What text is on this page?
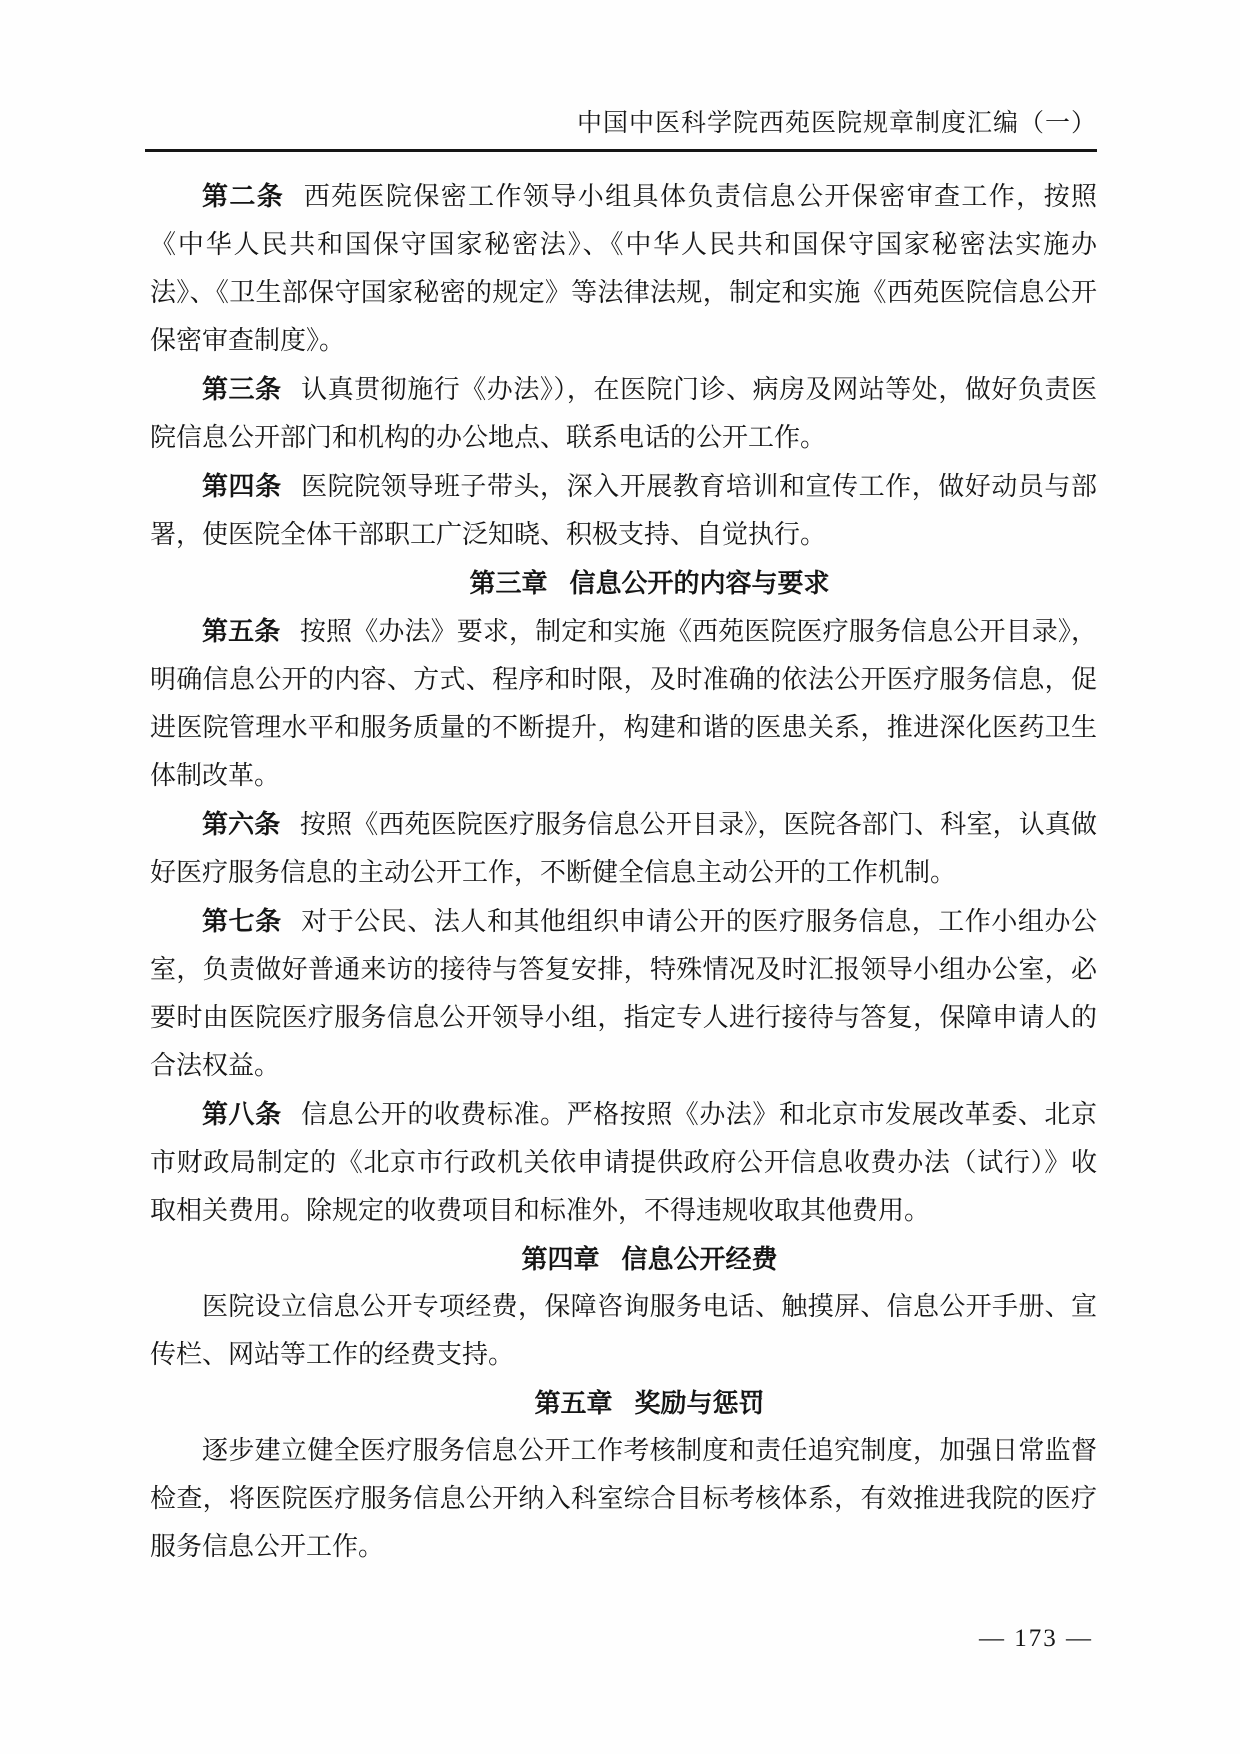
中国中医科学院西苑医院规章制度汇编（一）

第二条 西苑医院保密工作领导小组具体负责信息公开保密审查工作，按照《中华人民共和国保守国家秘密法》、《中华人民共和国保守国家秘密法实施办法》、《卫生部保守国家秘密的规定》等法律法规，制定和实施《西苑医院信息公开保密审查制度》。

第三条 认真贯彻施行《办法》），在医院门诊、病房及网站等处，做好负责医院信息公开部门和机构的办公地点、联系电话的公开工作。

第四条 医院院领导班子带头，深入开展教育培训和宣传工作，做好动员与部署，使医院全体干部职工广泛知晓、积极支持、自觉执行。

第三章 信息公开的内容与要求

第五条 按照《办法》要求，制定和实施《西苑医院医疗服务信息公开目录》，明确信息公开的内容、方式、程序和时限，及时准确的依法公开医疗服务信息，促进医院管理水平和服务质量的不断提升，构建和谐的医患关系，推进深化医药卫生体制改革。

第六条 按照《西苑医院医疗服务信息公开目录》，医院各部门、科室，认真做好医疗服务信息的主动公开工作，不断健全信息主动公开的工作机制。

第七条 对于公民、法人和其他组织申请公开的医疗服务信息，工作小组办公室，负责做好普通来访的接待与答复安排，特殊情况及时汇报领导小组办公室，必要时由医院医疗服务信息公开领导小组，指定专人进行接待与答复，保障申请人的合法权益。

第八条 信息公开的收费标准。严格按照《办法》和北京市发展改革委、北京市财政局制定的《北京市行政机关依申请提供政府公开信息收费办法（试行）》收取相关费用。除规定的收费项目和标准外，不得违规收取其他费用。

第四章 信息公开经费

医院设立信息公开专项经费，保障咨询服务电话、触摸屏、信息公开手册、宣传栏、网站等工作的经费支持。

第五章 奖励与惩罚

逐步建立健全医疗服务信息公开工作考核制度和责任追究制度，加强日常监督检查，将医院医疗服务信息公开纳入科室综合目标考核体系，有效推进我院的医疗服务信息公开工作。

— 173 —
